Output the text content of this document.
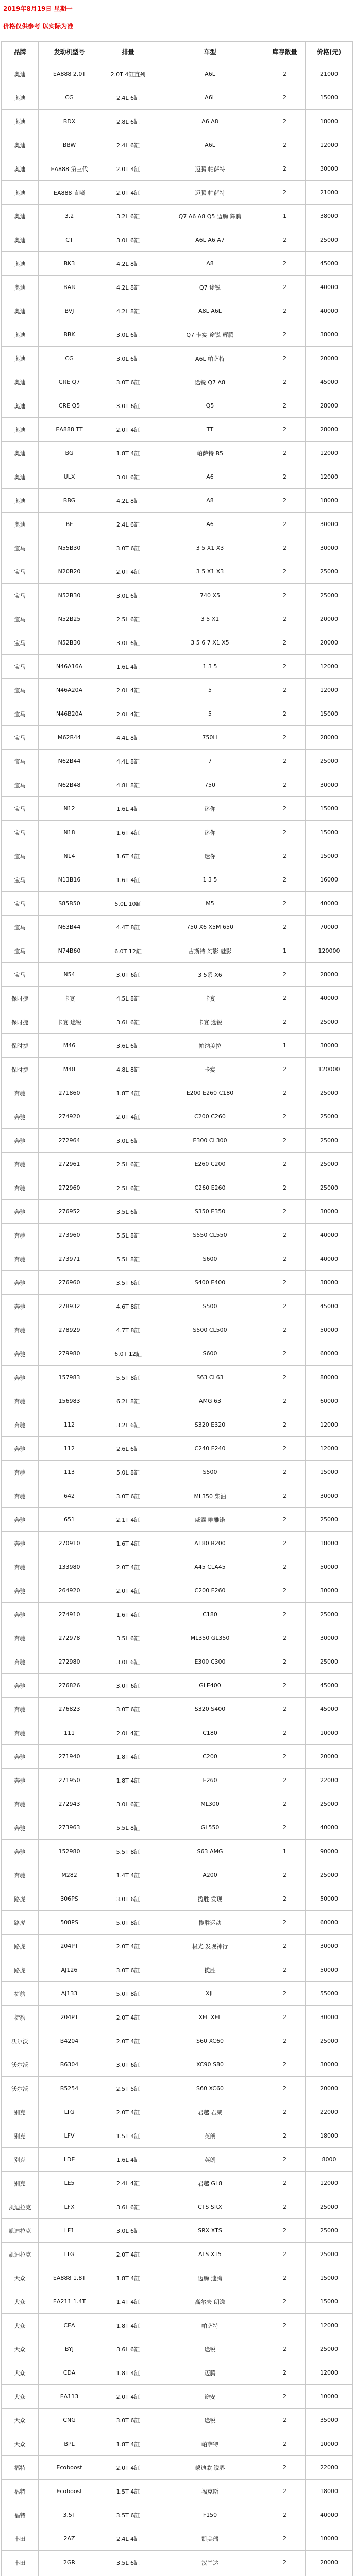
2019年8月19日 星期一
价格仅供参考 以实际为准
品牌	发动机型号	排量	车型	库存数量	价格(元)
奥迪	EA888 2.0T	2.0T 4缸直列	A6L	2	21000
奥迪	CG	2.4L 6缸	A6L	2	15000
奥迪	BDX	2.8L 6缸	A6 A8	2	18000
奥迪	BBW	2.4L 6缸	A6L	2	12000
奥迪	EA888 第三代	2.0T 4缸	迈腾 帕萨特	2	30000
奥迪	EA888 直喷	2.0T 4缸	迈腾 帕萨特	2	21000
奥迪	3.2	3.2L 6缸	Q7 A6 A8 Q5 迈腾 辉腾	1	38000
奥迪	CT	3.0L 6缸	A6L A6 A7	2	25000
奥迪	BK3	4.2L 8缸	A8	2	45000
奥迪	BAR	4.2L 8缸	Q7 途锐	2	40000
奥迪	BVJ	4.2L 8缸	A8L A6L	2	40000
奥迪	BBK	3.0L 6缸	Q7 卡宴 途锐 辉腾	2	38000
奥迪	CG	3.0L 6缸	A6L 帕萨特	2	20000
奥迪	CRE Q7	3.0T 6缸	途锐 Q7 A8	2	45000
奥迪	CRE Q5	3.0T 6缸	Q5	2	28000
奥迪	EA888 TT	2.0T 4缸	TT	2	28000
奥迪	BG	1.8T 4缸	帕萨特 B5	2	12000
奥迪	ULX	3.0L 6缸	A6	2	12000
奥迪	BBG	4.2L 8缸	A8	2	18000
奥迪	BF	2.4L 6缸	A6	2	30000
宝马	N55B30	3.0T 6缸	3 5 X1 X3	2	30000
宝马	N20B20	2.0T 4缸	3 5 X1 X3	2	25000
宝马	N52B30	3.0L 6缸	740 X5	2	25000
宝马	N52B25	2.5L 6缸	3 5 X1	2	20000
宝马	N52B30	3.0L 6缸	3 5 6 7 X1 X5	2	20000
宝马	N46A16A	1.6L 4缸	1 3 5	2	12000
宝马	N46A20A	2.0L 4缸	5	2	12000
宝马	N46B20A	2.0L 4缸	5	2	15000
宝马	M62B44	4.4L 8缸	750Li	2	28000
宝马	N62B44	4.4L 8缸	7	2	25000
宝马	N62B48	4.8L 8缸	750	2	30000
宝马	N12	1.6L 4缸	迷你	2	15000
宝马	N18	1.6T 4缸	迷你	2	15000
宝马	N14	1.6T 4缸	迷你	2	15000
宝马	N13B16	1.6T 4缸	1 3 5	2	16000
宝马	S85B50	5.0L 10缸	M5	2	40000
宝马	N63B44	4.4T 8缸	750 X6 X5M 650	2	70000
宝马	N74B60	6.0T 12缸	古斯特 幻影 魅影	1	120000
宝马	N54	3.0T 6缸	3 5系 X6	2	28000
保时捷	卡宴	4.5L 8缸	卡宴	2	40000
保时捷	卡宴 途锐	3.6L 6缸	卡宴 途锐	2	25000
保时捷	M46	3.6L 6缸	帕纳美拉	1	30000
保时捷	M48	4.8L 8缸	卡宴	2	120000
奔驰	271860	1.8T 4缸	E200 E260 C180	2	25000
奔驰	274920	2.0T 4缸	C200 C260	2	25000
奔驰	272964	3.0L 6缸	E300 CL300	2	25000
奔驰	272961	2.5L 6缸	E260 C200	2	25000
奔驰	272960	2.5L 6缸	C260 E260	2	25000
奔驰	276952	3.5L 6缸	S350 E350	2	30000
奔驰	273960	5.5L 8缸	S550 CL550	2	40000
奔驰	273971	5.5L 8缸	S600	2	40000
奔驰	276960	3.5T 6缸	S400 E400	2	38000
奔驰	278932	4.6T 8缸	S500	2	45000
奔驰	278929	4.7T 8缸	S500 CL500	2	50000
奔驰	279980	6.0T 12缸	S600	2	60000
奔驰	157983	5.5T 8缸	S63 CL63	2	80000
奔驰	156983	6.2L 8缸	AMG 63	2	60000
奔驰	112	3.2L 6缸	S320 E320	2	12000
奔驰	112	2.6L 6缸	C240 E240	2	12000
奔驰	113	5.0L 8缸	S500	2	15000
奔驰	642	3.0T 6缸	ML350 柴油	2	30000
奔驰	651	2.1T 4缸	威霆 唯雅诺	2	25000
奔驰	270910	1.6T 4缸	A180 B200	2	18000
奔驰	133980	2.0T 4缸	A45 CLA45	2	50000
奔驰	264920	2.0T 4缸	C200 E260	2	30000
奔驰	274910	1.6T 4缸	C180	2	25000
奔驰	272978	3.5L 6缸	ML350 GL350	2	30000
奔驰	272980	3.0L 6缸	E300 C300	2	25000
奔驰	276826	3.0T 6缸	GLE400	2	45000
奔驰	276823	3.0T 6缸	S320 S400	2	45000
奔驰	111	2.0L 4缸	C180	2	10000
奔驰	271940	1.8T 4缸	C200	2	20000
奔驰	271950	1.8T 4缸	E260	2	22000
奔驰	272943	3.0L 6缸	ML300	2	25000
奔驰	273963	5.5L 8缸	GL550	2	40000
奔驰	152980	5.5T 8缸	S63 AMG	1	90000
奔驰	M282	1.4T 4缸	A200	2	25000
路虎	306PS	3.0T 6缸	揽胜 发现	2	50000
路虎	508PS	5.0T 8缸	揽胜运动	2	60000
路虎	204PT	2.0T 4缸	极光 发现神行	2	30000
路虎	AJ126	3.0T 6缸	揽胜	2	50000
捷豹	AJ133	5.0T 8缸	XJL	2	55000
捷豹	204PT	2.0T 4缸	XFL XEL	2	30000
沃尔沃	B4204	2.0T 4缸	S60 XC60	2	25000
沃尔沃	B6304	3.0T 6缸	XC90 S80	2	30000
沃尔沃	B5254	2.5T 5缸	S60 XC60	2	20000
别克	LTG	2.0T 4缸	君越 君威	2	22000
别克	LFV	1.5T 4缸	英朗	2	18000
别克	LDE	1.6L 4缸	英朗	2	8000
别克	LE5	2.4L 4缸	君越 GL8	2	12000
凯迪拉克	LFX	3.6L 6缸	CTS SRX	2	25000
凯迪拉克	LF1	3.0L 6缸	SRX XTS	2	25000
凯迪拉克	LTG	2.0T 4缸	ATS XT5	2	25000
大众	EA888 1.8T	1.8T 4缸	迈腾 速腾	2	15000
大众	EA211 1.4T	1.4T 4缸	高尔夫 朗逸	2	15000
大众	CEA	1.8T 4缸	帕萨特	2	12000
大众	BYJ	3.6L 6缸	途锐	2	25000
大众	CDA	1.8T 4缸	迈腾	2	12000
大众	EA113	2.0T 4缸	途安	2	10000
大众	CNG	3.0T 6缸	途锐	2	35000
大众	BPL	1.8T 4缸	帕萨特	2	10000
福特	Ecoboost	2.0T 4缸	蒙迪欧 锐界	2	22000
福特	Ecoboost	1.5T 4缸	福克斯	2	18000
福特	3.5T	3.5T 6缸	F150	2	40000
丰田	2AZ	2.4L 4缸	凯美瑞	2	10000
丰田	2GR	3.5L 6缸	汉兰达	2	20000
